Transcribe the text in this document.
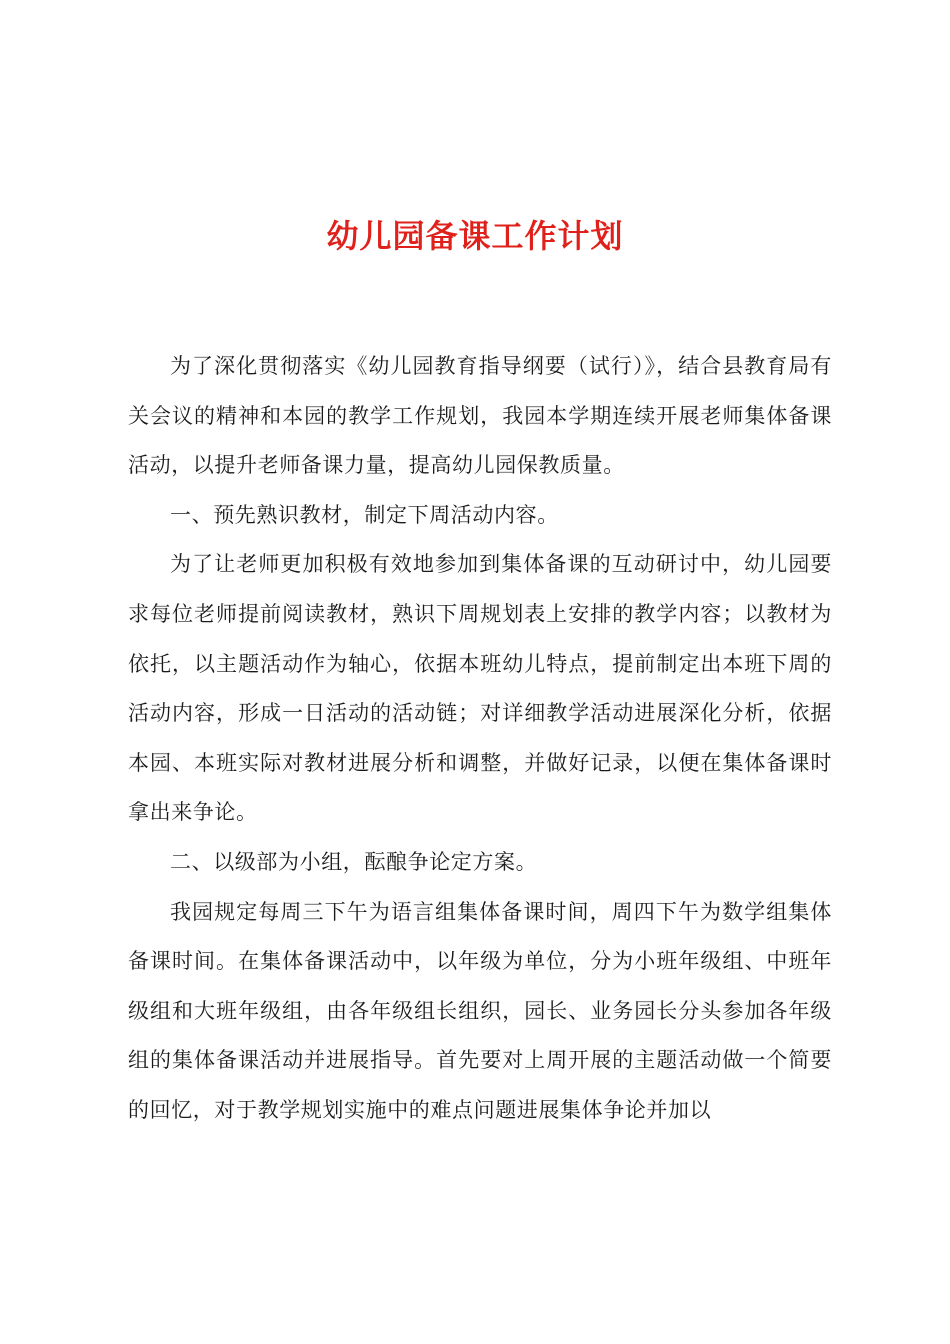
幼儿园备课工作计划

为了深化贯彻落实《幼儿园教育指导纲要（试行）》，结合县教育局有关会议的精神和本园的教学工作规划，我园本学期连续开展老师集体备课活动，以提升老师备课力量，提高幼儿园保教质量。

一、预先熟识教材，制定下周活动内容。

为了让老师更加积极有效地参加到集体备课的互动研讨中，幼儿园要求每位老师提前阅读教材，熟识下周规划表上安排的教学内容；以教材为依托，以主题活动作为轴心，依据本班幼儿特点，提前制定出本班下周的活动内容，形成一日活动的活动链；对详细教学活动进展深化分析，依据本园、本班实际对教材进展分析和调整，并做好记录，以便在集体备课时拿出来争论。

二、以级部为小组，酝酿争论定方案。

我园规定每周三下午为语言组集体备课时间，周四下午为数学组集体备课时间。在集体备课活动中，以年级为单位，分为小班年级组、中班年级组和大班年级组，由各年级组长组织，园长、业务园长分头参加各年级组的集体备课活动并进展指导。首先要对上周开展的主题活动做一个简要的回忆，对于教学规划实施中的难点问题进展集体争论并加以
